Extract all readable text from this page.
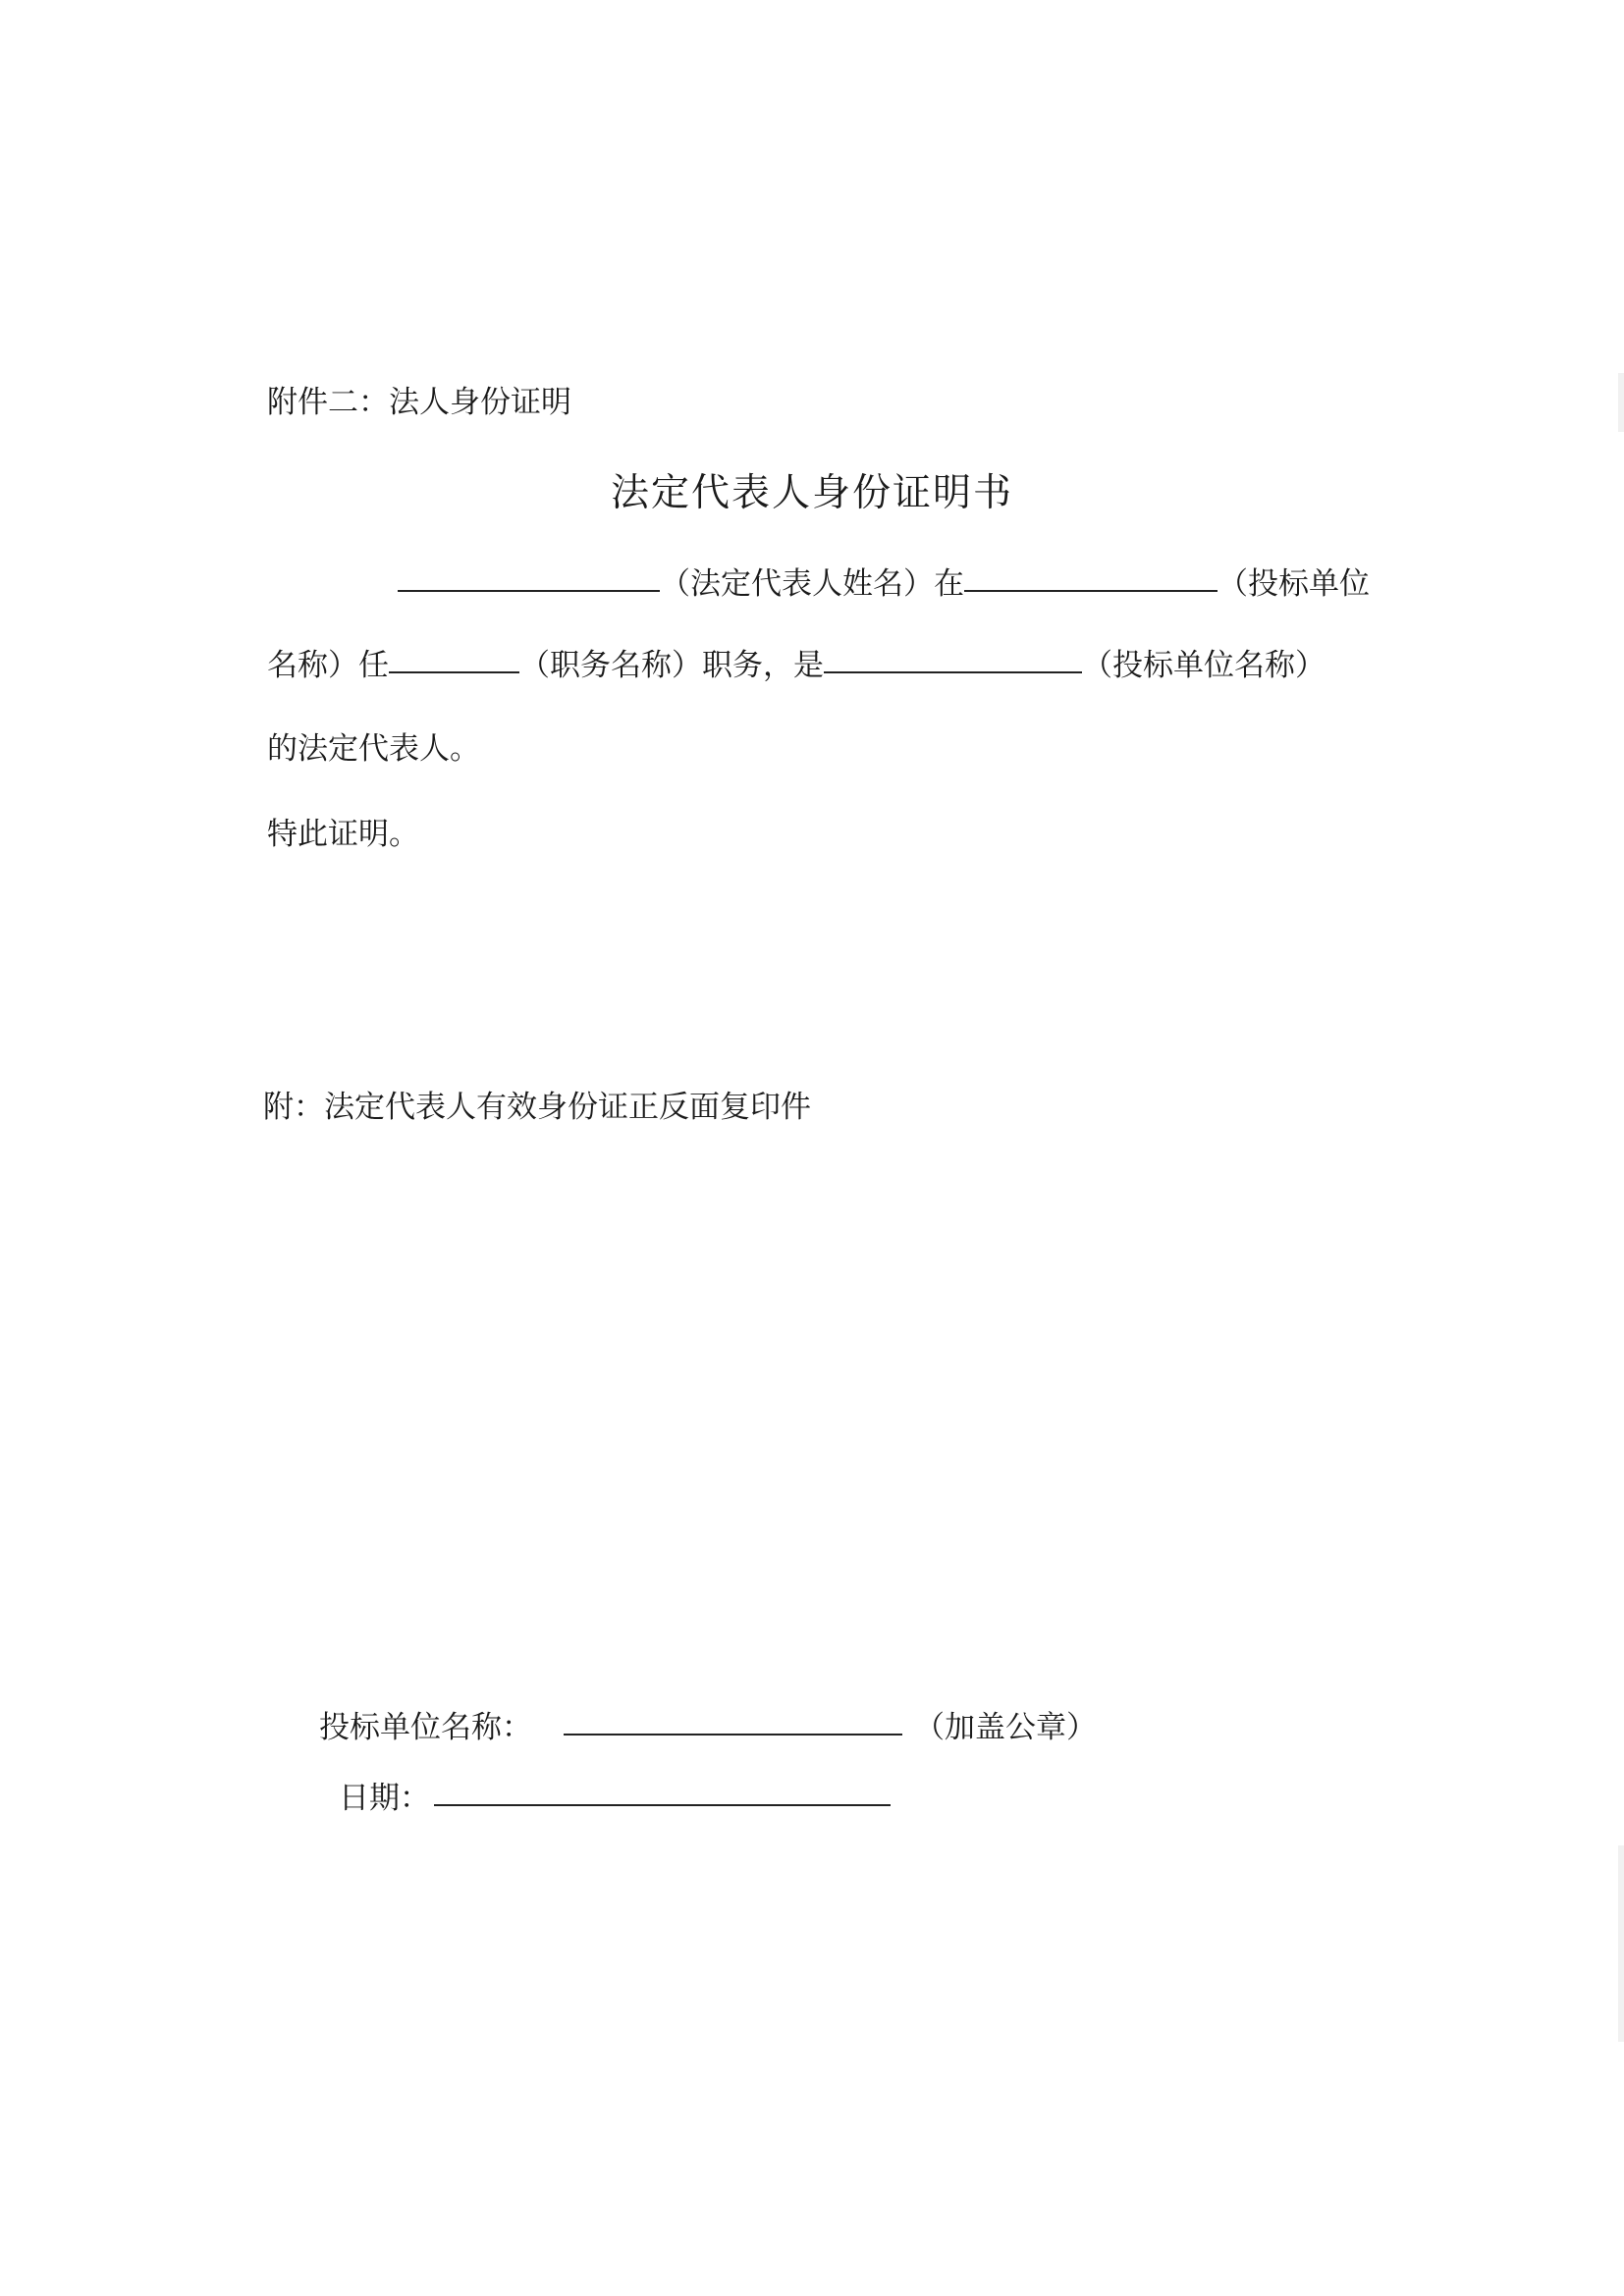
附件二：法人身份证明
法定代表人身份证明书
（法定代表人姓名）在	（投标单位
名称）任	（职务名称）职务，是	（投标单位名称）
的法定代表人。
特此证明。
附：法定代表人有效身份证正反面复印件
投标单位名称：	（加盖公章）
日期：
